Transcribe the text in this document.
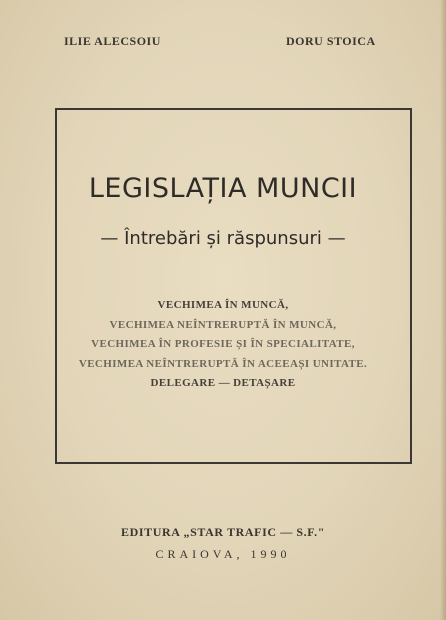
ILIE ALECSOIU	DORU STOICA
LEGISLAȚIA MUNCII
— Întrebări și răspunsuri —
VECHIMEA ÎN MUNCĂ,
VECHIMEA NEÎNTRERUPTĂ ÎN MUNCĂ,
VECHIMEA ÎN PROFESIE ȘI ÎN SPECIALITATE,
VECHIMEA NEÎNTRERUPTĂ ÎN ACEEAȘI UNITATE.
DELEGARE — DETAȘARE
EDITURA „STAR TRAFIC — S.F."
CRAIOVA, 1990
